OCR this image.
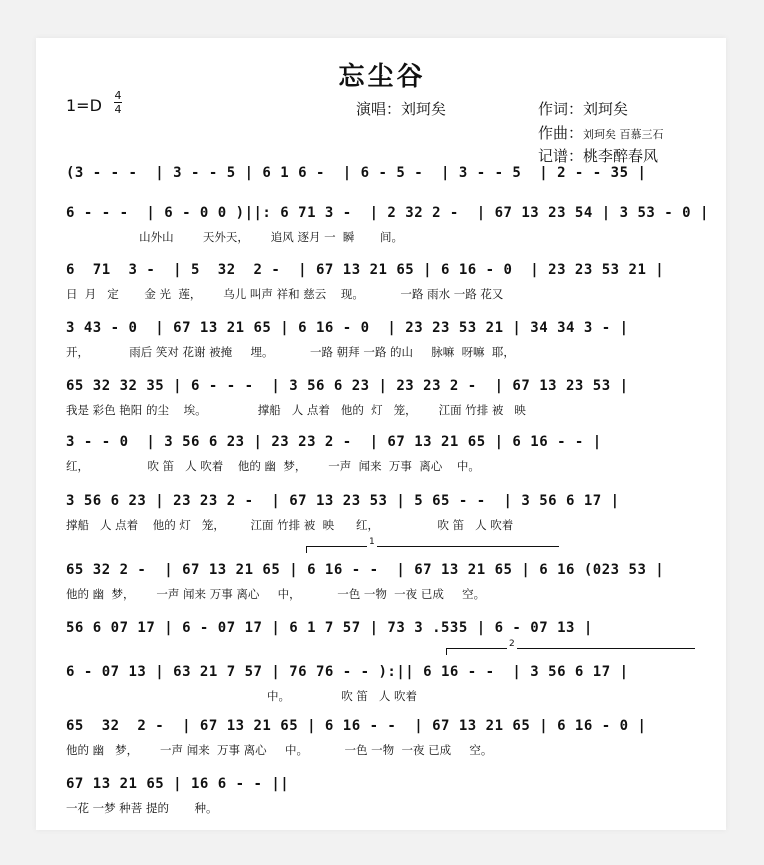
忘尘谷
1=D
4
4	演唱：刘珂矣	作词：刘珂矣
作曲：刘珂矣 百慕三石
记谱：桃李醉春风
(3 - - -  | 3 - - 5 | 6 1 6 -  | 6 - 5 -  | 3 - - 5  | 2 - - 35 |
6 - - -  | 6 - 0 0 )||: 6 71 3 -  | 2 32 2 -  | 67 13 23 54 | 3 53 - 0 |
山外山        天外天，      追风 逐月 一  瞬       间。
6  71  3 -  | 5  32  2 -  | 67 13 21 65 | 6 16 - 0  | 23 23 53 21 |
日  月   定       金 光  莲，      乌儿 叫声 祥和 慈云    现。          一路 雨水 一路 花又
3 43 - 0  | 67 13 21 65 | 6 16 - 0  | 23 23 53 21 | 34 34 3 - |
开，           雨后 笑对 花谢 被掩     埋。          一路 朝拜 一路 的山     脉嘛  呀嘛  耶，
65 32 32 35 | 6 - - -  | 3 56 6 23 | 23 23 2 -  | 67 13 23 53 |
我是 彩色 艳阳 的尘    埃。              撑船   人 点着   他的  灯   笼，      江面 竹排 被   映
3 - - 0  | 3 56 6 23 | 23 23 2 -  | 67 13 21 65 | 6 16 - - |
红，                吹 笛   人 吹着    他的 幽  梦，      一声  闻来  万事  离心    中。
3 56 6 23 | 23 23 2 -  | 67 13 23 53 | 5 65 - -  | 3 56 6 17 |
撑船   人 点着    他的 灯   笼，       江面 竹排 被  映      红，                吹 笛   人 吹着
65 32 2 -  | 67 13 21 65 | 6 16 - -  | 67 13 21 65 | 6 16 (023 53 |
他的 幽  梦，      一声 闻来 万事 离心     中，          一色 一物  一夜 已成     空。
56 6 07 17 | 6 - 07 17 | 6 1 7 57 | 73 3 .535 | 6 - 07 13 |
6 - 07 13 | 63 21 7 57 | 76 76 - - ):|| 6 16 - -  | 3 56 6 17 |
中。              吹 笛   人 吹着
65  32  2 -  | 67 13 21 65 | 6 16 - -  | 67 13 21 65 | 6 16 - 0 |
他的 幽   梦，      一声 闻来  万事 离心     中。          一色 一物  一夜 已成     空。
67 13 21 65 | 16 6 - - ||
一花 一梦 种菩 提的       种。
1
2
